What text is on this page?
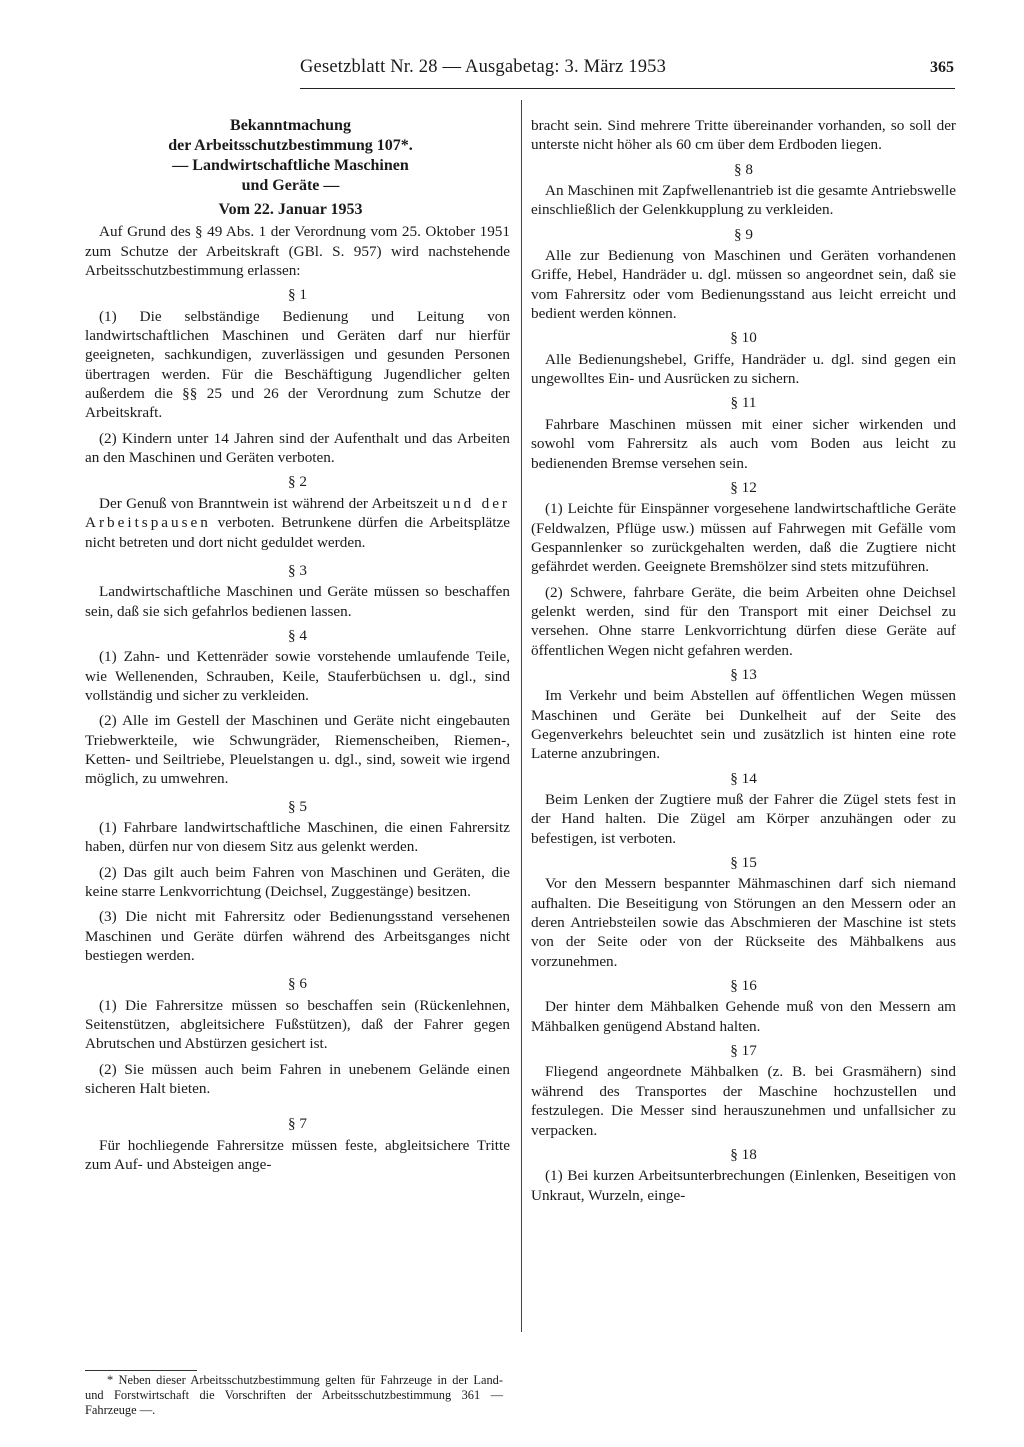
Gesetzblatt Nr. 28 — Ausgabetag: 3. März 1953	365
Bekanntmachung
der Arbeitsschutzbestimmung 107*.
— Landwirtschaftliche Maschinen
und Geräte —
Vom 22. Januar 1953

Auf Grund des § 49 Abs. 1 der Verordnung vom 25. Oktober 1951 zum Schutze der Arbeitskraft (GBl. S. 957) wird nachstehende Arbeitsschutzbestimmung erlassen:

§ 1

(1) Die selbständige Bedienung und Leitung von landwirtschaftlichen Maschinen und Geräten darf nur hierfür geeigneten, sachkundigen, zuverlässigen und gesunden Personen übertragen werden. Für die Beschäftigung Jugendlicher gelten außerdem die §§ 25 und 26 der Verordnung zum Schutze der Arbeitskraft.

(2) Kindern unter 14 Jahren sind der Aufenthalt und das Arbeiten an den Maschinen und Geräten verboten.

§ 2

Der Genuß von Branntwein ist während der Arbeitszeit und der Arbeitspausen verboten. Betrunkene dürfen die Arbeitsplätze nicht betreten und dort nicht geduldet werden.

§ 3

Landwirtschaftliche Maschinen und Geräte müssen so beschaffen sein, daß sie sich gefahrlos bedienen lassen.

§ 4

(1) Zahn- und Kettenräder sowie vorstehende umlaufende Teile, wie Wellenenden, Schrauben, Keile, Stauferbüchsen u. dgl., sind vollständig und sicher zu verkleiden.

(2) Alle im Gestell der Maschinen und Geräte nicht eingebauten Triebwerkteile, wie Schwungräder, Riemenscheiben, Riemen-, Ketten- und Seiltriebe, Pleuelstangen u. dgl., sind, soweit wie irgend möglich, zu umwehren.

§ 5

(1) Fahrbare landwirtschaftliche Maschinen, die einen Fahrersitz haben, dürfen nur von diesem Sitz aus gelenkt werden.

(2) Das gilt auch beim Fahren von Maschinen und Geräten, die keine starre Lenkvorrichtung (Deichsel, Zuggestänge) besitzen.

(3) Die nicht mit Fahrersitz oder Bedienungsstand versehenen Maschinen und Geräte dürfen während des Arbeitsganges nicht bestiegen werden.

§ 6

(1) Die Fahrersitze müssen so beschaffen sein (Rückenlehnen, Seitenstützen, abgleitsichere Fußstützen), daß der Fahrer gegen Abrutschen und Abstürzen gesichert ist.

(2) Sie müssen auch beim Fahren in unebenem Gelände einen sicheren Halt bieten.

§ 7

Für hochliegende Fahrersitze müssen feste, abgleitsichere Tritte zum Auf- und Absteigen ange-

bracht sein. Sind mehrere Tritte übereinander vorhanden, so soll der unterste nicht höher als 60 cm über dem Erdboden liegen.

§ 8

An Maschinen mit Zapfwellenantrieb ist die gesamte Antriebswelle einschließlich der Gelenkkupplung zu verkleiden.

§ 9

Alle zur Bedienung von Maschinen und Geräten vorhandenen Griffe, Hebel, Handräder u. dgl. müssen so angeordnet sein, daß sie vom Fahrersitz oder vom Bedienungsstand aus leicht erreicht und bedient werden können.

§ 10

Alle Bedienungshebel, Griffe, Handräder u. dgl. sind gegen ein ungewolltes Ein- und Ausrücken zu sichern.

§ 11

Fahrbare Maschinen müssen mit einer sicher wirkenden und sowohl vom Fahrersitz als auch vom Boden aus leicht zu bedienenden Bremse versehen sein.

§ 12

(1) Leichte für Einspänner vorgesehene landwirtschaftliche Geräte (Feldwalzen, Pflüge usw.) müssen auf Fahrwegen mit Gefälle vom Gespannlenker so zurückgehalten werden, daß die Zugtiere nicht gefährdet werden. Geeignete Bremshölzer sind stets mitzuführen.

(2) Schwere, fahrbare Geräte, die beim Arbeiten ohne Deichsel gelenkt werden, sind für den Transport mit einer Deichsel zu versehen. Ohne starre Lenkvorrichtung dürfen diese Geräte auf öffentlichen Wegen nicht gefahren werden.

§ 13

Im Verkehr und beim Abstellen auf öffentlichen Wegen müssen Maschinen und Geräte bei Dunkelheit auf der Seite des Gegenverkehrs beleuchtet sein und zusätzlich ist hinten eine rote Laterne anzubringen.

§ 14

Beim Lenken der Zugtiere muß der Fahrer die Zügel stets fest in der Hand halten. Die Zügel am Körper anzuhängen oder zu befestigen, ist verboten.

§ 15

Vor den Messern bespannter Mähmaschinen darf sich niemand aufhalten. Die Beseitigung von Störungen an den Messern oder an deren Antriebsteilen sowie das Abschmieren der Maschine ist stets von der Seite oder von der Rückseite des Mähbalkens aus vorzunehmen.

§ 16

Der hinter dem Mähbalken Gehende muß von den Messern am Mähbalken genügend Abstand halten.

§ 17

Fliegend angeordnete Mähbalken (z. B. bei Grasmähern) sind während des Transportes der Maschine hochzustellen und festzulegen. Die Messer sind herauszunehmen und unfallsicher zu verpacken.

§ 18

(1) Bei kurzen Arbeitsunterbrechungen (Einlenken, Beseitigen von Unkraut, Wurzeln, einge-

* Neben dieser Arbeitsschutzbestimmung gelten für Fahrzeuge in der Land- und Forstwirtschaft die Vorschriften der Arbeitsschutzbestimmung 361 — Fahrzeuge —.
